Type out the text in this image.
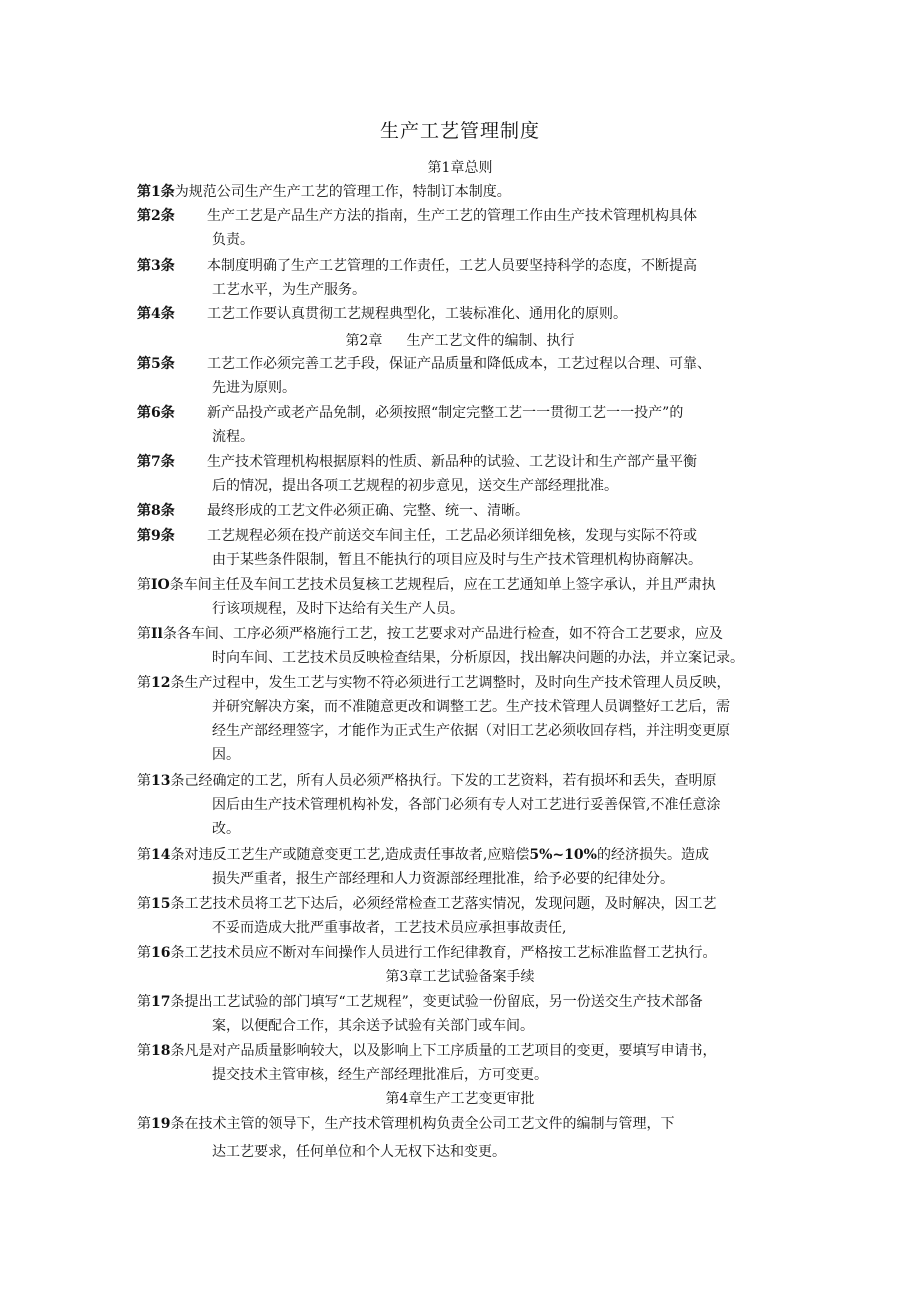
生产工艺管理制度
第1章总则
第1条为规范公司生产生产工艺的管理工作，特制订本制度。
第2条 生产工艺是产品生产方法的指南，生产工艺的管理工作由生产技术管理机构具体
负责。
第3条 本制度明确了生产工艺管理的工作责任，工艺人员要坚持科学的态度，不断提高
工艺水平，为生产服务。
第4条 工艺工作要认真贯彻工艺规程典型化，工装标准化、通用化的原则。
第2章 生产工艺文件的编制、执行
第5条 工艺工作必须完善工艺手段，保证产品质量和降低成本，工艺过程以合理、可靠、
先进为原则。
第6条 新产品投产或老产品免制，必须按照“制定完整工艺一一贯彻工艺一一投产”的
流程。
第7条 生产技术管理机构根据原料的性质、新品种的试验、工艺设计和生产部产量平衡
后的情况，提出各项工艺规程的初步意见，送交生产部经理批准。
第8条 最终形成的工艺文件必须正确、完整、统一、清晰。
第9条 工艺规程必须在投产前送交车间主任，工艺品必须详细免核，发现与实际不符或
由于某些条件限制，暂且不能执行的项目应及时与生产技术管理机构协商解决。
第IO条车间主任及车间工艺技术员复核工艺规程后，应在工艺通知单上签字承认，并且严肃执
行该项规程，及时下达给有关生产人员。
第Il条各车间、工序必须严格施行工艺，按工艺要求对产品进行检查，如不符合工艺要求，应及
时向车间、工艺技术员反映检查结果，分析原因，找出解决问题的办法，并立案记录。
第12条生产过程中，发生工艺与实物不符必须进行工艺调整时，及时向生产技术管理人员反映，
并研究解决方案，而不准随意更改和调整工艺。生产技术管理人员调整好工艺后，需
经生产部经理签字，才能作为正式生产依据（对旧工艺必须收回存档，并注明变更原
因。
第13条己经确定的工艺，所有人员必须严格执行。下发的工艺资料，若有损坏和丢失，查明原
因后由生产技术管理机构补发，各部门必须有专人对工艺进行妥善保管,不准任意涂
改。
第14条对违反工艺生产或随意变更工艺,造成责任事故者,应赔偿5%~10%的经济损失。造成
损失严重者，报生产部经理和人力资源部经理批准，给予必要的纪律处分。
第15条工艺技术员将工艺下达后，必须经常检查工艺落实情况，发现问题，及时解决，因工艺
不妥而造成大批严重事故者，工艺技术员应承担事故责任,
第16条工艺技术员应不断对车间操作人员进行工作纪律教育，严格按工艺标准监督工艺执行。
第3章工艺试验备案手续
第17条提出工艺试验的部门填写“工艺规程”，变更试验一份留底，另一份送交生产技术部备
案，以便配合工作，其余送予试验有关部门或车间。
第18条凡是对产品质量影响较大，以及影响上下工序质量的工艺项目的变更，要填写申请书，
提交技术主管审核，经生产部经理批准后，方可变更。
第4章生产工艺变更审批
第19条在技术主管的领导下，生产技术管理机构负责全公司工艺文件的编制与管理，下
达工艺要求，任何单位和个人无权下达和变更。
